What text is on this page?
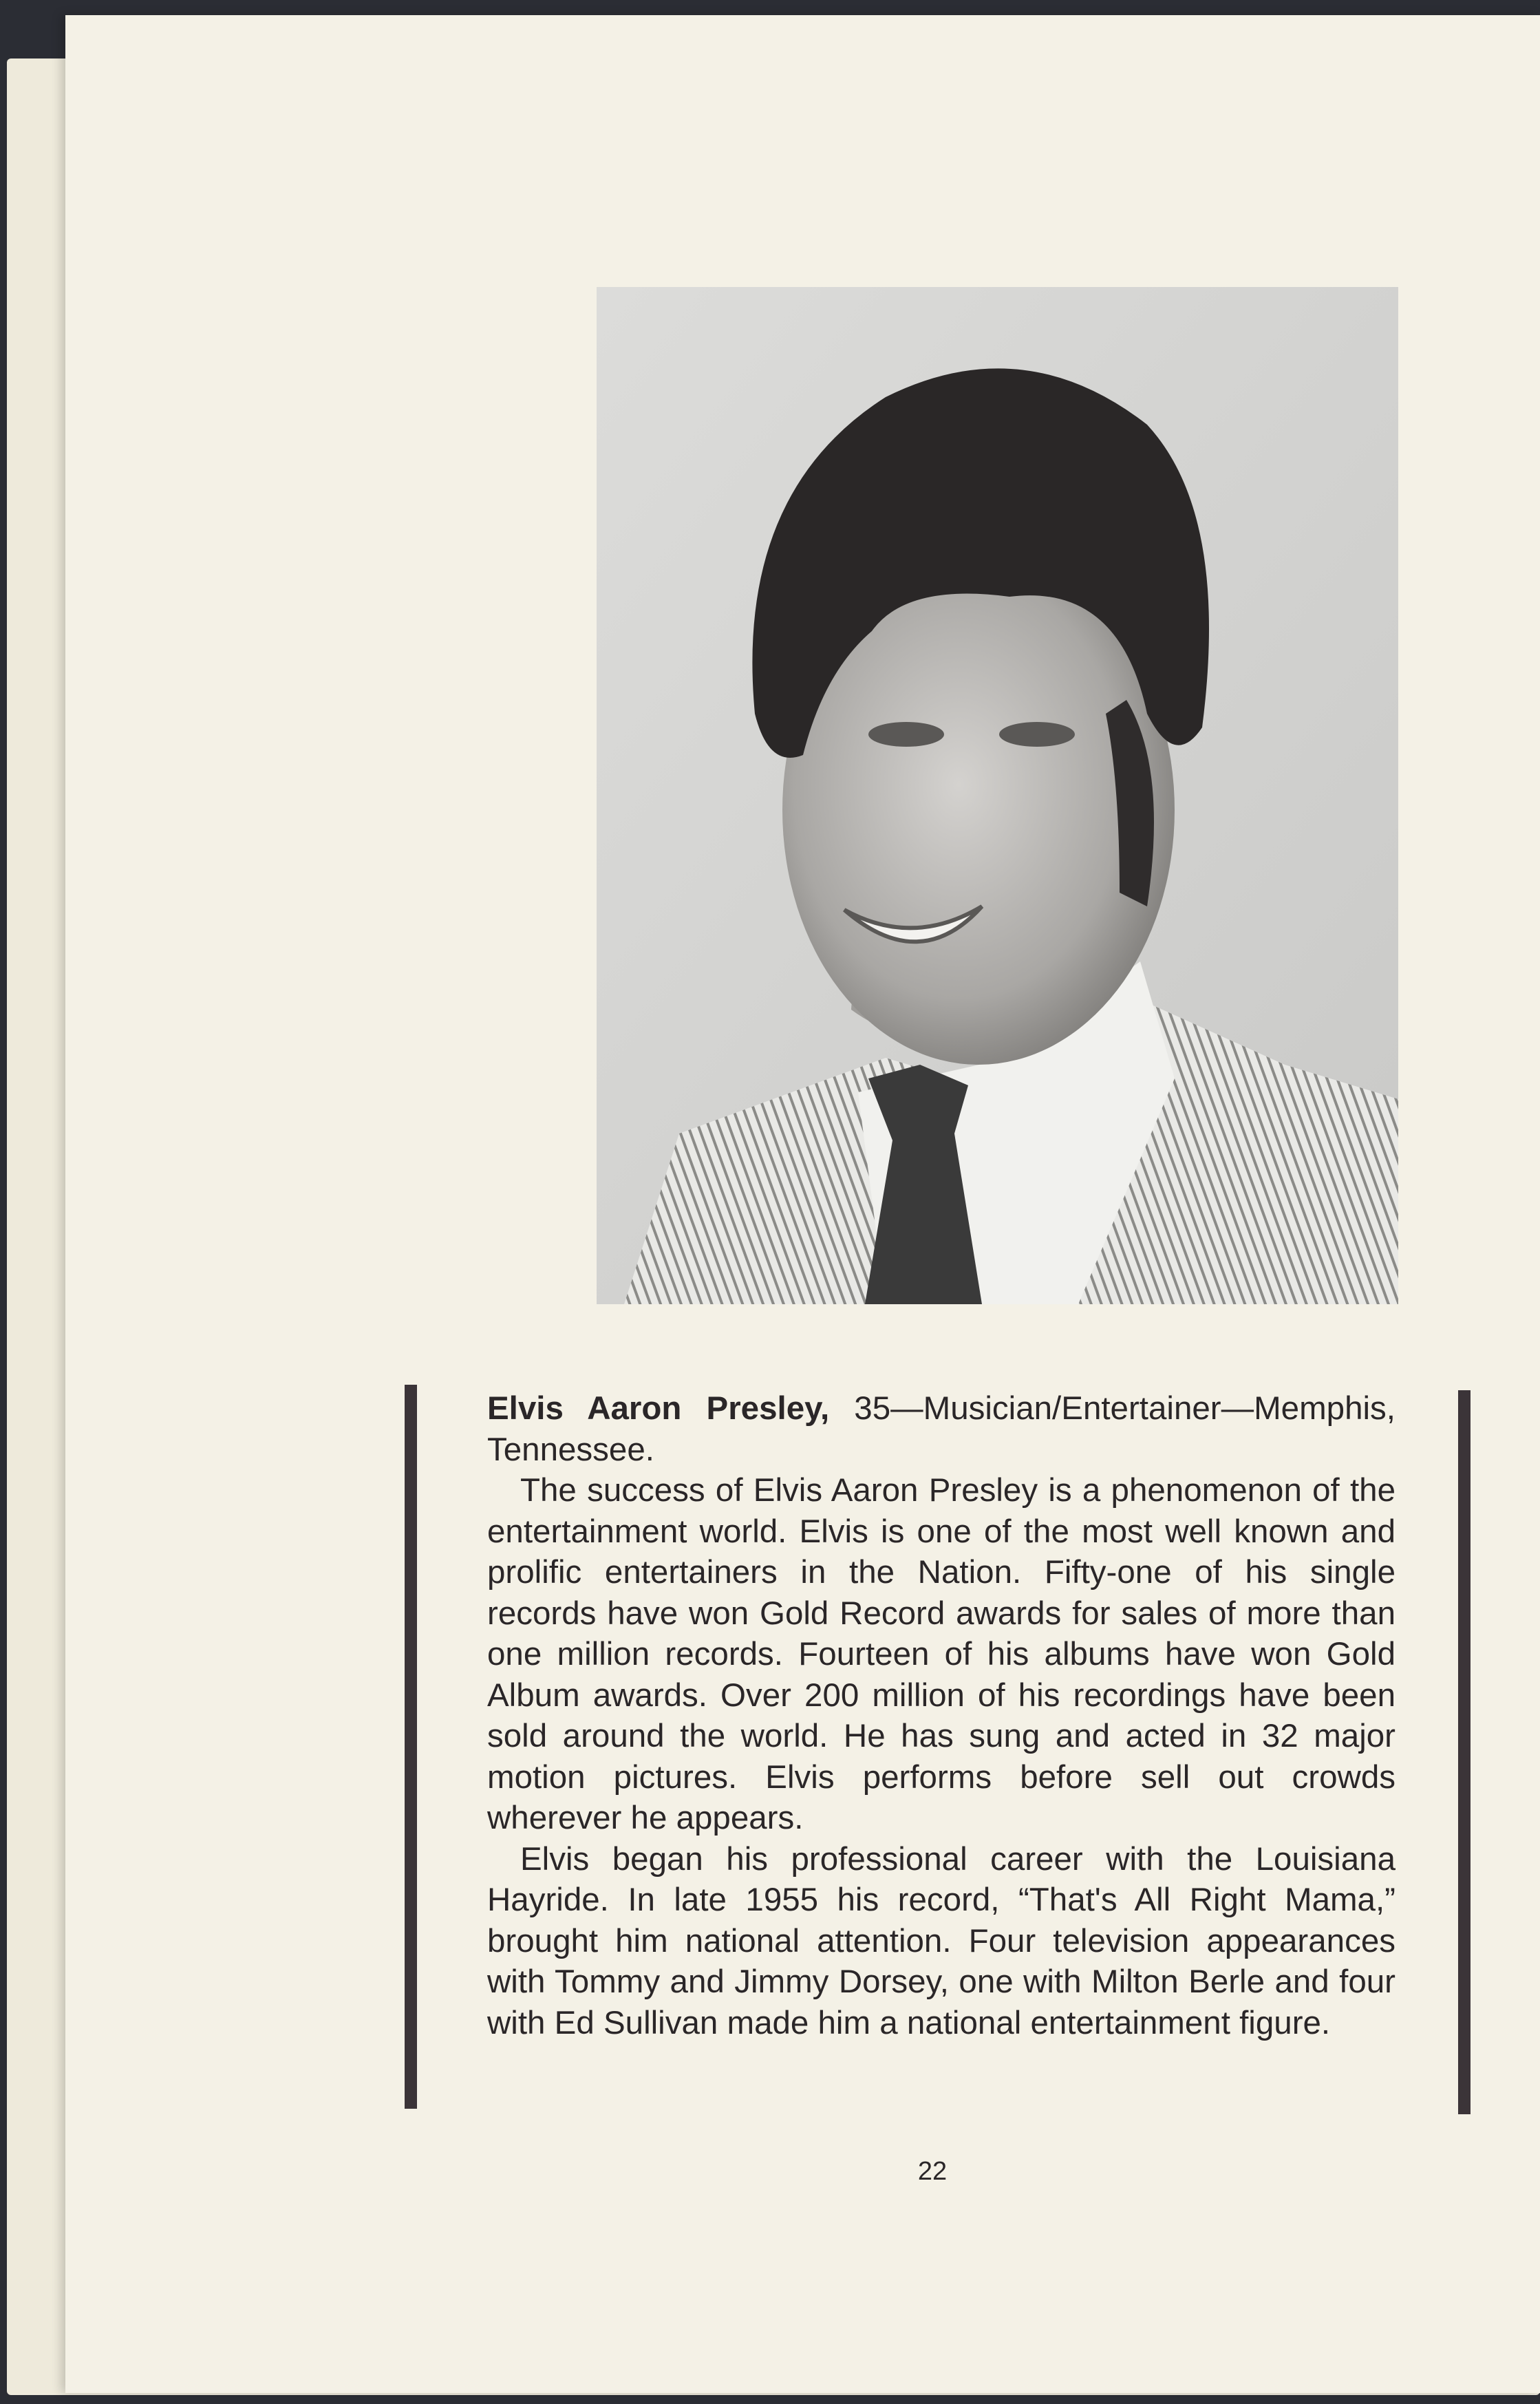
Elvis Aaron Presley, 35—Musician/Entertainer—Memphis, Tennessee.

The success of Elvis Aaron Presley is a phenomenon of the entertainment world. Elvis is one of the most well known and prolific entertainers in the Nation. Fifty-one of his single records have won Gold Record awards for sales of more than one million records. Fourteen of his albums have won Gold Album awards. Over 200 million of his recordings have been sold around the world. He has sung and acted in 32 major motion pictures. Elvis performs before sell out crowds wherever he appears.

Elvis began his professional career with the Louisiana Hayride. In late 1955 his record, “That's All Right Mama,” brought him national attention. Four television appearances with Tommy and Jimmy Dorsey, one with Milton Berle and four with Ed Sullivan made him a national entertainment figure.

22
